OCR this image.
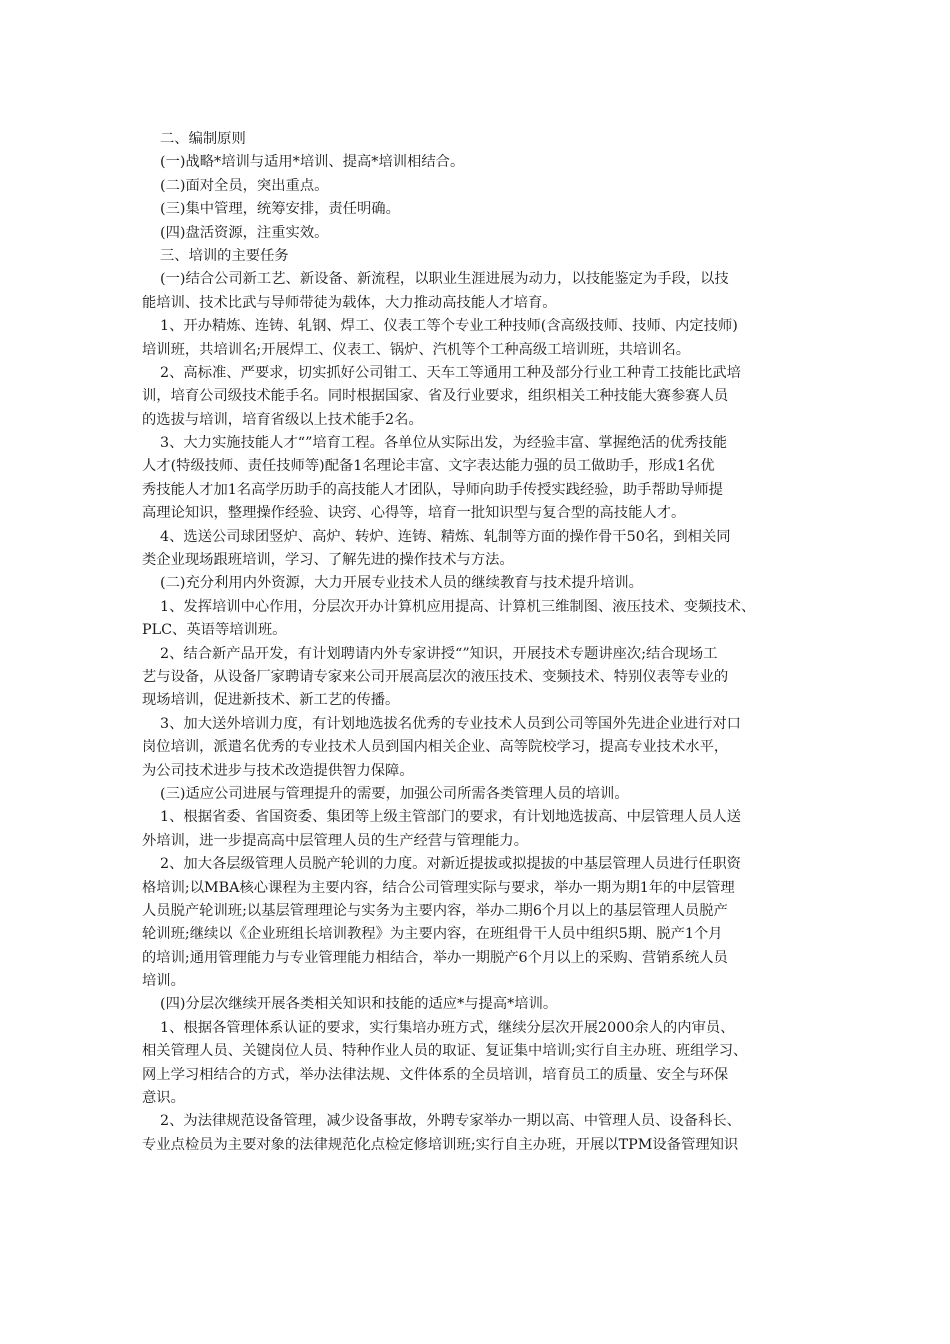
二、编制原则
(一)战略*培训与适用*培训、提高*培训相结合。
(二)面对全员，突出重点。
(三)集中管理，统筹安排，责任明确。
(四)盘活资源，注重实效。
三、培训的主要任务
(一)结合公司新工艺、新设备、新流程，以职业生涯进展为动力，以技能鉴定为手段，以技
能培训、技术比武与导师带徒为载体，大力推动高技能人才培育。
1、开办精炼、连铸、轧钢、焊工、仪表工等个专业工种技师(含高级技师、技师、内定技师)
培训班，共培训名;开展焊工、仪表工、锅炉、汽机等个工种高级工培训班，共培训名。
2、高标准、严要求，切实抓好公司钳工、天车工等通用工种及部分行业工种青工技能比武培
训，培育公司级技术能手名。同时根据国家、省及行业要求，组织相关工种技能大赛参赛人员
的选拔与培训，培育省级以上技术能手2名。
3、大力实施技能人才“”培育工程。各单位从实际出发，为经验丰富、掌握绝活的优秀技能
人才(特级技师、责任技师等)配备1名理论丰富、文字表达能力强的员工做助手，形成1名优
秀技能人才加1名高学历助手的高技能人才团队，导师向助手传授实践经验，助手帮助导师提
高理论知识，整理操作经验、诀窍、心得等，培育一批知识型与复合型的高技能人才。
4、选送公司球团竖炉、高炉、转炉、连铸、精炼、轧制等方面的操作骨干50名，到相关同
类企业现场跟班培训，学习、了解先进的操作技术与方法。
(二)充分利用内外资源，大力开展专业技术人员的继续教育与技术提升培训。
1、发挥培训中心作用，分层次开办计算机应用提高、计算机三维制图、液压技术、变频技术、
PLC、英语等培训班。
2、结合新产品开发，有计划聘请内外专家讲授“”知识，开展技术专题讲座次;结合现场工
艺与设备，从设备厂家聘请专家来公司开展高层次的液压技术、变频技术、特别仪表等专业的
现场培训，促进新技术、新工艺的传播。
3、加大送外培训力度，有计划地选拔名优秀的专业技术人员到公司等国外先进企业进行对口
岗位培训，派遣名优秀的专业技术人员到国内相关企业、高等院校学习，提高专业技术水平，
为公司技术进步与技术改造提供智力保障。
(三)适应公司进展与管理提升的需要，加强公司所需各类管理人员的培训。
1、根据省委、省国资委、集团等上级主管部门的要求，有计划地选拔高、中层管理人员人送
外培训，进一步提高高中层管理人员的生产经营与管理能力。
2、加大各层级管理人员脱产轮训的力度。对新近提拔或拟提拔的中基层管理人员进行任职资
格培训;以MBA核心课程为主要内容，结合公司管理实际与要求，举办一期为期1年的中层管理
人员脱产轮训班;以基层管理理论与实务为主要内容，举办二期6个月以上的基层管理人员脱产
轮训班;继续以《企业班组长培训教程》为主要内容，在班组骨干人员中组织5期、脱产1个月
的培训;通用管理能力与专业管理能力相结合，举办一期脱产6个月以上的采购、营销系统人员
培训。
(四)分层次继续开展各类相关知识和技能的适应*与提高*培训。
1、根据各管理体系认证的要求，实行集培办班方式，继续分层次开展2000余人的内审员、
相关管理人员、关键岗位人员、特种作业人员的取证、复证集中培训;实行自主办班、班组学习、
网上学习相结合的方式，举办法律法规、文件体系的全员培训，培育员工的质量、安全与环保
意识。
2、为法律规范设备管理，减少设备事故，外聘专家举办一期以高、中管理人员、设备科长、
专业点检员为主要对象的法律规范化点检定修培训班;实行自主办班，开展以TPM设备管理知识
